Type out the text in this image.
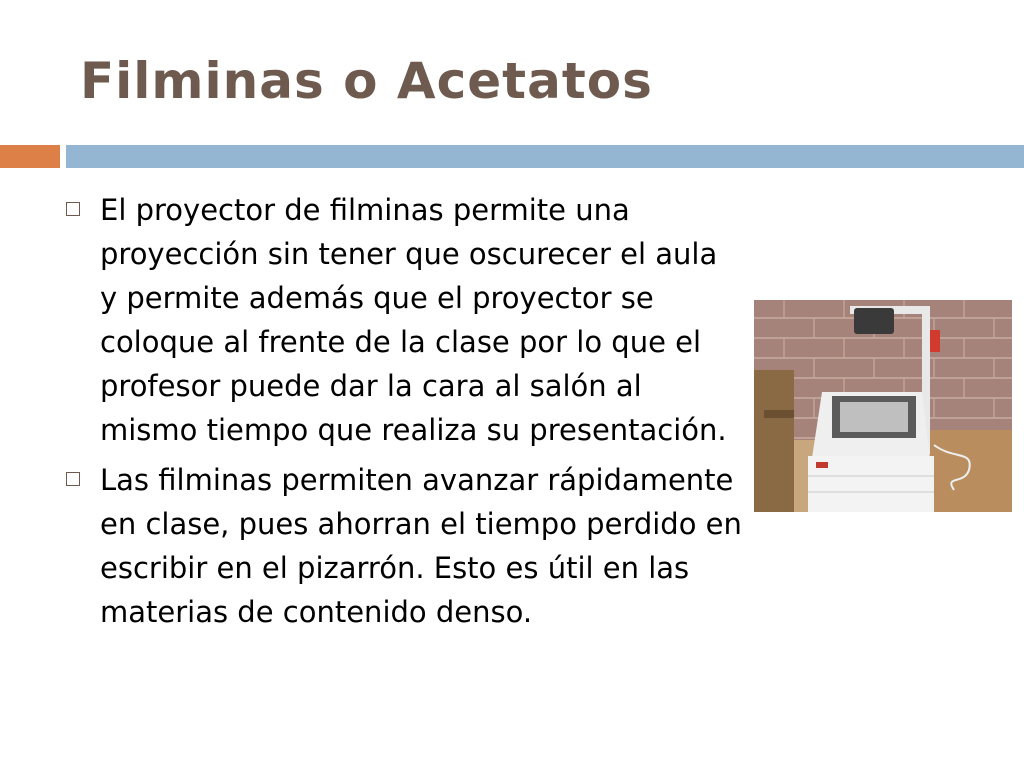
Filminas o Acetatos
El proyector de filminas permite una proyección sin tener que oscurecer el aula y permite además que el proyector se coloque al frente de la clase por lo que el profesor puede dar la cara al salón al mismo tiempo que realiza su presentación.
Las filminas permiten avanzar rápidamente en clase, pues ahorran el tiempo perdido en escribir en el pizarrón. Esto es útil en las materias de contenido denso.
